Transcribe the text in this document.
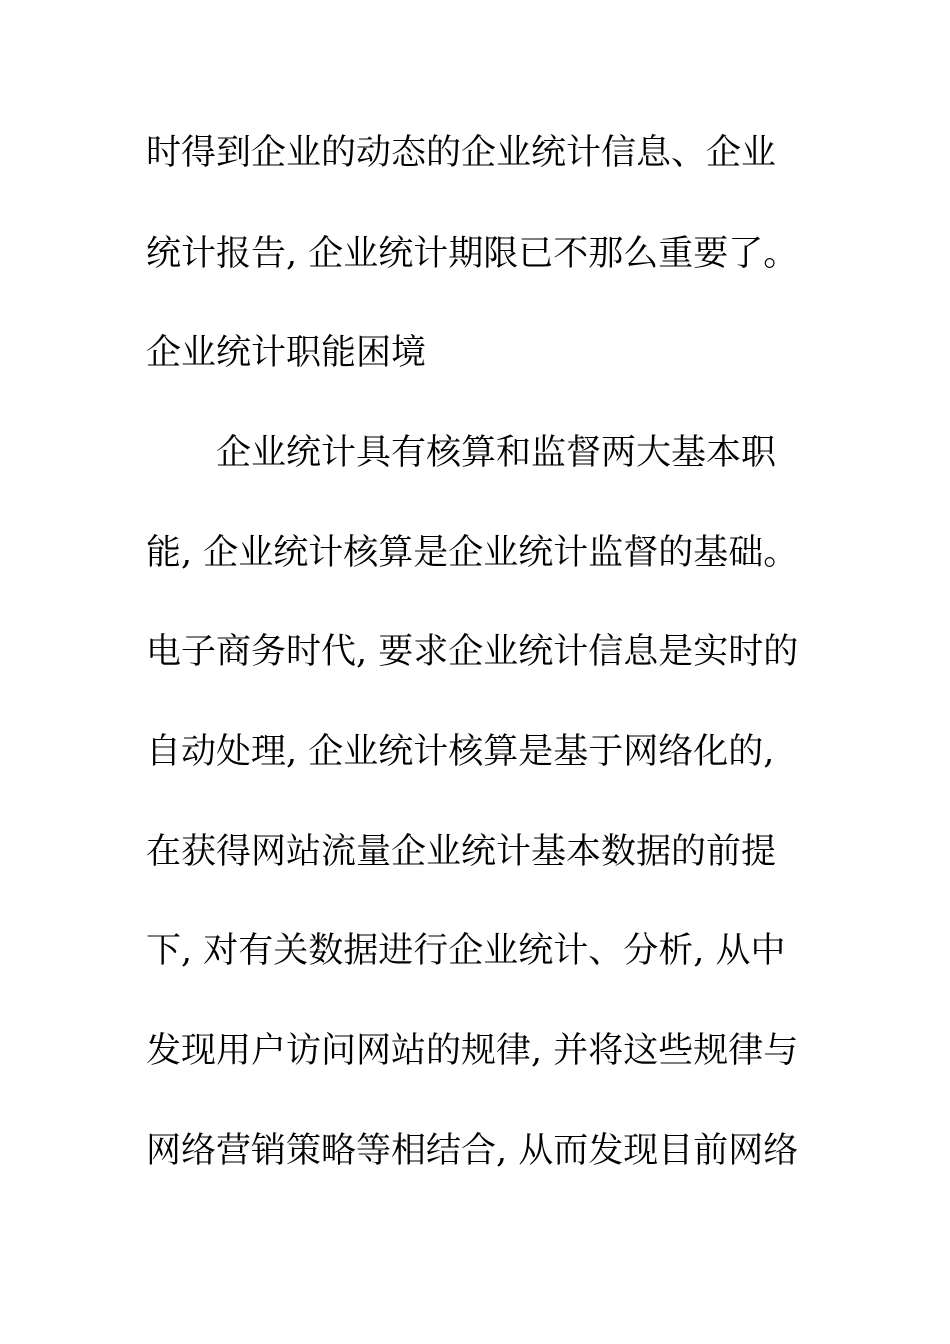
时得到企业的动态的企业统计信息、企业
统计报告, 企业统计期限已不那么重要了。
企业统计职能困境
企业统计具有核算和监督两大基本职
能, 企业统计核算是企业统计监督的基础。
电子商务时代, 要求企业统计信息是实时的
自动处理, 企业统计核算是基于网络化的,
在获得网站流量企业统计基本数据的前提
下, 对有关数据进行企业统计、分析, 从中
发现用户访问网站的规律, 并将这些规律与
网络营销策略等相结合, 从而发现目前网络
